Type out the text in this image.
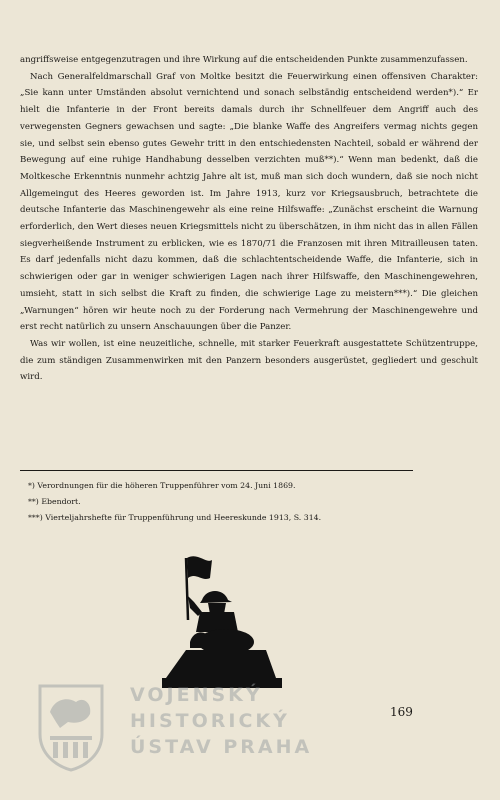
angriffsweise entgegenzutragen und ihre Wirkung auf die entscheidenden Punkte zusammenzufassen.

Nach Generalfeldmarschall Graf von Moltke besitzt die Feuerwirkung einen offensiven Charakter: „Sie kann unter Umständen absolut vernichtend und sonach selbständig entscheidend werden*).“ Er hielt die Infanterie in der Front bereits damals durch ihr Schnellfeuer dem Angriff auch des verwegensten Gegners gewachsen und sagte: „Die blanke Waffe des Angreifers vermag nichts gegen sie, und selbst sein ebenso gutes Gewehr tritt in den entschiedensten Nachteil, sobald er während der Bewegung auf eine ruhige Handhabung desselben verzichten muß**).“ Wenn man bedenkt, daß die Moltkesche Erkenntnis nunmehr achtzig Jahre alt ist, muß man sich doch wundern, daß sie noch nicht Allgemeingut des Heeres geworden ist. Im Jahre 1913, kurz vor Kriegsausbruch, betrachtete die deutsche Infanterie das Maschinengewehr als eine reine Hilfswaffe: „Zunächst erscheint die Warnung erforderlich, den Wert dieses neuen Kriegsmittels nicht zu überschätzen, in ihm nicht das in allen Fällen siegverheißende Instrument zu erblicken, wie es 1870/71 die Franzosen mit ihren Mitrailleusen taten. Es darf jedenfalls nicht dazu kommen, daß die schlachtentscheidende Waffe, die Infanterie, sich in schwierigen oder gar in weniger schwierigen Lagen nach ihrer Hilfswaffe, den Maschinengewehren, umsieht, statt in sich selbst die Kraft zu finden, die schwierige Lage zu meistern***).“ Die gleichen „Warnungen“ hören wir heute noch zu der Forderung nach Vermehrung der Maschinengewehre und erst recht natürlich zu unsern Anschauungen über die Panzer.

Was wir wollen, ist eine neuzeitliche, schnelle, mit starker Feuerkraft ausgestattete Schützentruppe, die zum ständigen Zusammenwirken mit den Panzern besonders ausgerüstet, gegliedert und geschult wird.

*) Verordnungen für die höheren Truppenführer vom 24. Juni 1869.
**) Ebendort.
***) Vierteljahrshefte für Truppenführung und Heereskunde 1913, S. 314.
VOJENSKÝ
HISTORICKÝ
ÚSTAV PRAHA
169
